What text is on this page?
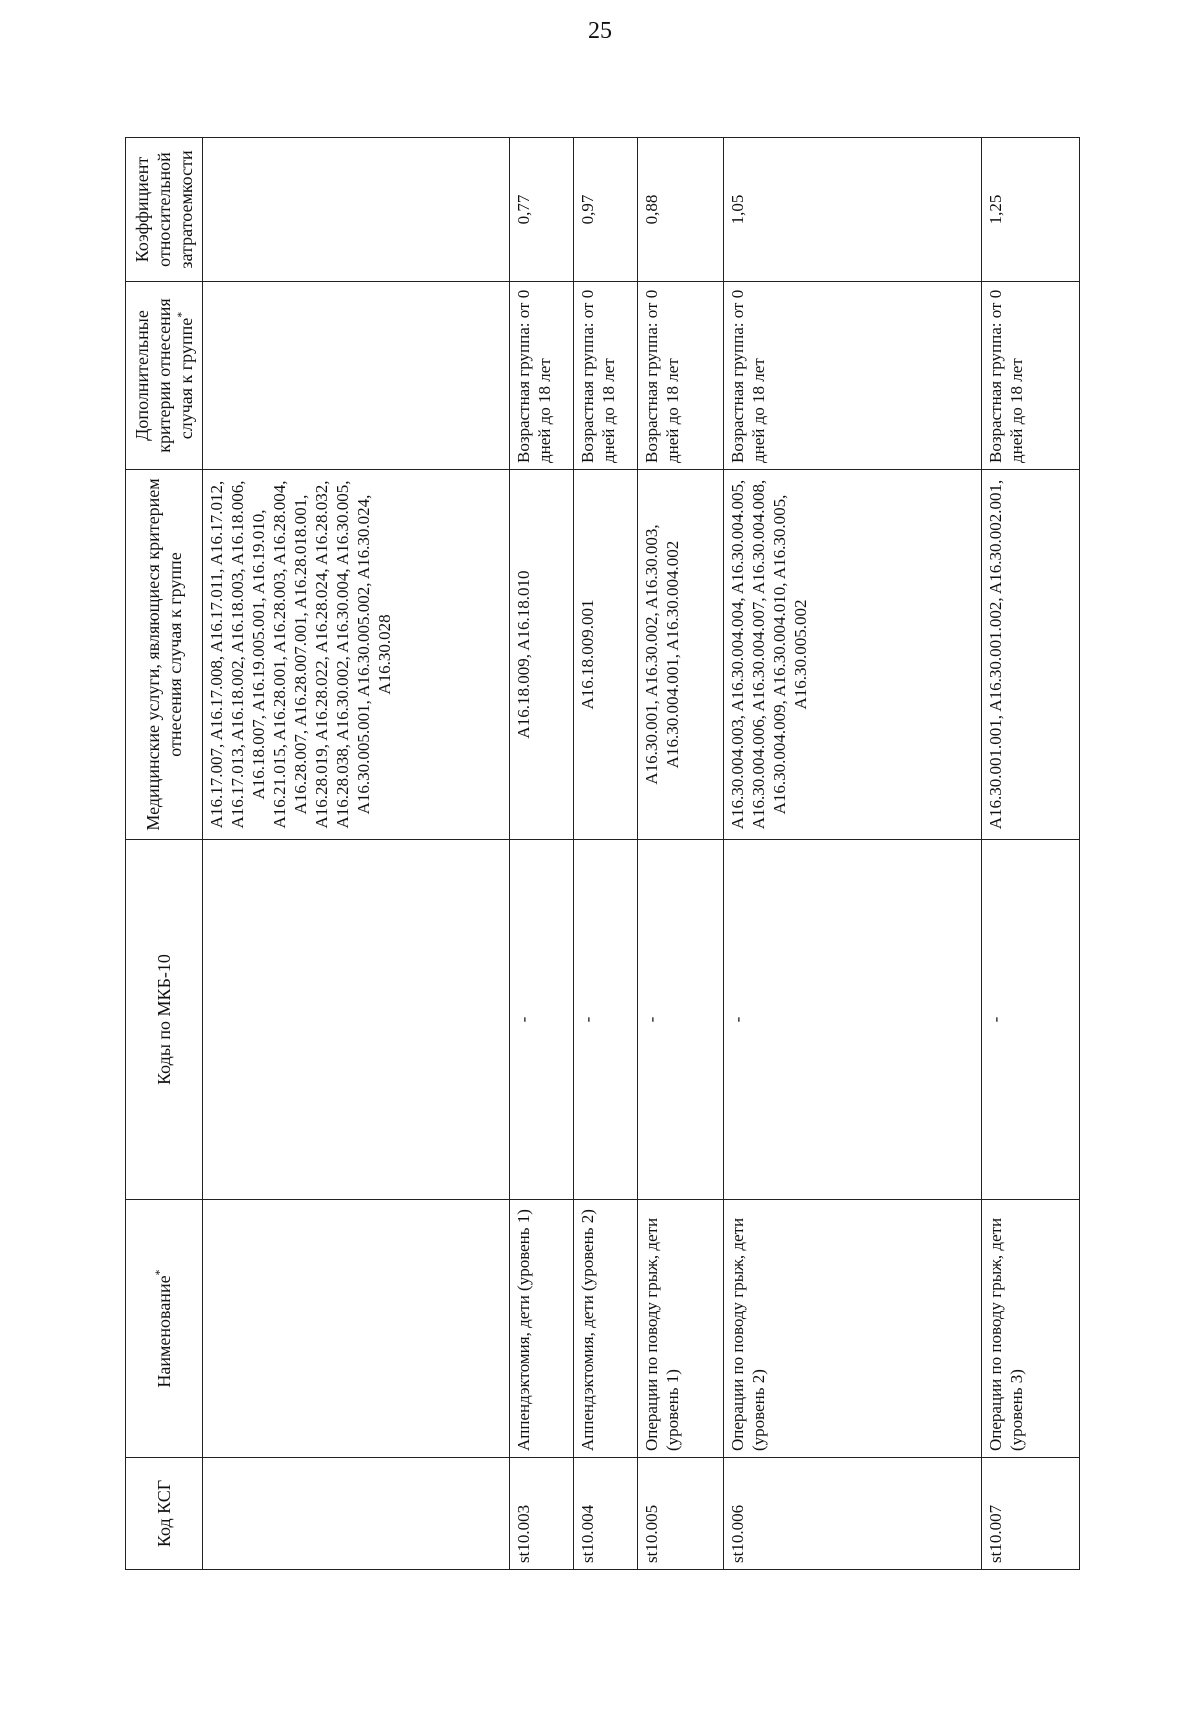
25
Код КСГ	Наименование*	Коды по МКБ-10	Медицинские услуги, являющиеся критерием отнесения случая к группе	Дополнительные критерии отнесения случая к группе*	Коэффициент относительной затратоемкости
			A16.17.007, A16.17.008, A16.17.011, A16.17.012, A16.17.013, A16.18.002, A16.18.003, A16.18.006, A16.18.007, A16.19.005.001, A16.19.010, A16.21.015, A16.28.001, A16.28.003, A16.28.004, A16.28.007, A16.28.007.001, A16.28.018.001, A16.28.019, A16.28.022, A16.28.024, A16.28.032, A16.28.038, A16.30.002, A16.30.004, A16.30.005, A16.30.005.001, A16.30.005.002, A16.30.024, A16.30.028		
st10.003	Аппендэктомия, дети (уровень 1)	-	A16.18.009, A16.18.010	Возрастная группа: от 0 дней до 18 лет	0,77
st10.004	Аппендэктомия, дети (уровень 2)	-	A16.18.009.001	Возрастная группа: от 0 дней до 18 лет	0,97
st10.005	Операции по поводу грыж, дети (уровень 1)	-	A16.30.001, A16.30.002, A16.30.003, A16.30.004.001, A16.30.004.002	Возрастная группа: от 0 дней до 18 лет	0,88
st10.006	Операции по поводу грыж, дети (уровень 2)	-	A16.30.004.003, A16.30.004.004, A16.30.004.005, A16.30.004.006, A16.30.004.007, A16.30.004.008, A16.30.004.009, A16.30.004.010, A16.30.005, A16.30.005.002	Возрастная группа: от 0 дней до 18 лет	1,05
st10.007	Операции по поводу грыж, дети (уровень 3)	-	A16.30.001.001, A16.30.001.002, A16.30.002.001,	Возрастная группа: от 0 дней до 18 лет	1,25
